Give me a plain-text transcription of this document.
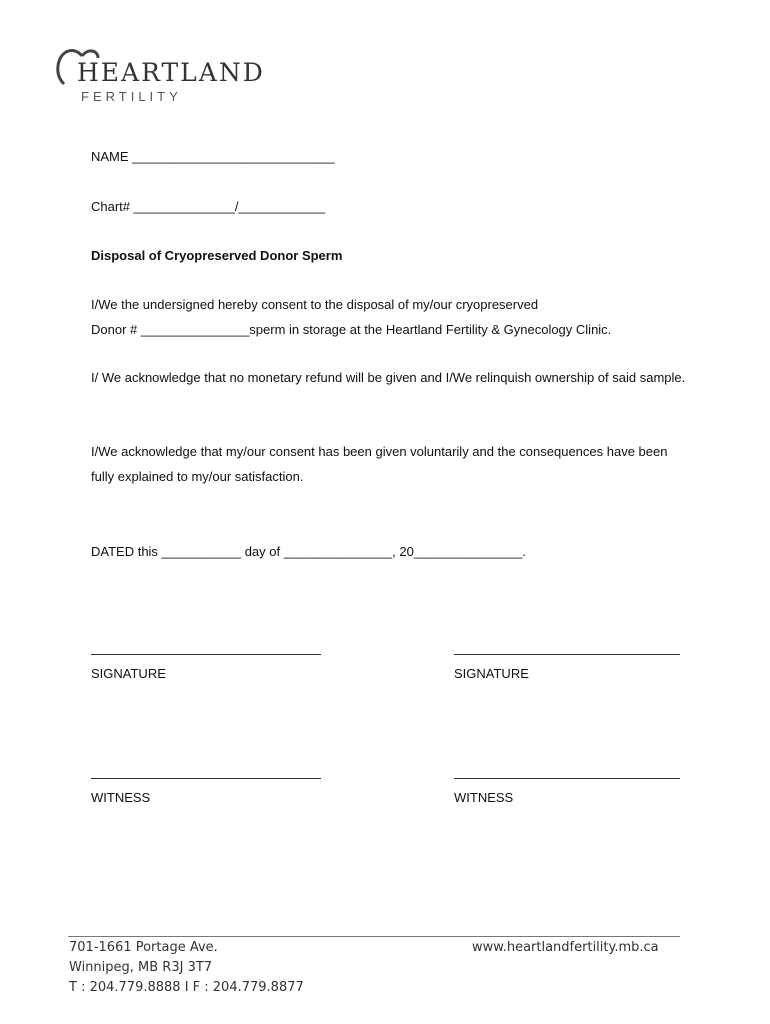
HEARTLAND
FERTILITY
NAME ____________________________
Chart# ______________/____________
Disposal of Cryopreserved Donor Sperm
I/We the undersigned hereby consent to the disposal of my/our cryopreserved
Donor # _______________sperm in storage at the Heartland Fertility & Gynecology Clinic.
I/ We acknowledge that no monetary refund will be given and I/We relinquish ownership of said sample.
I/We acknowledge that my/our consent has been given voluntarily and the consequences have been fully explained to my/our satisfaction.
DATED this ___________ day of _______________, 20_______________.
SIGNATURE	SIGNATURE
WITNESS	WITNESS
701-1661 Portage Ave.
Winnipeg, MB R3J 3T7
T : 204.779.8888 I F : 204.779.8877
www.heartlandfertility.mb.ca
